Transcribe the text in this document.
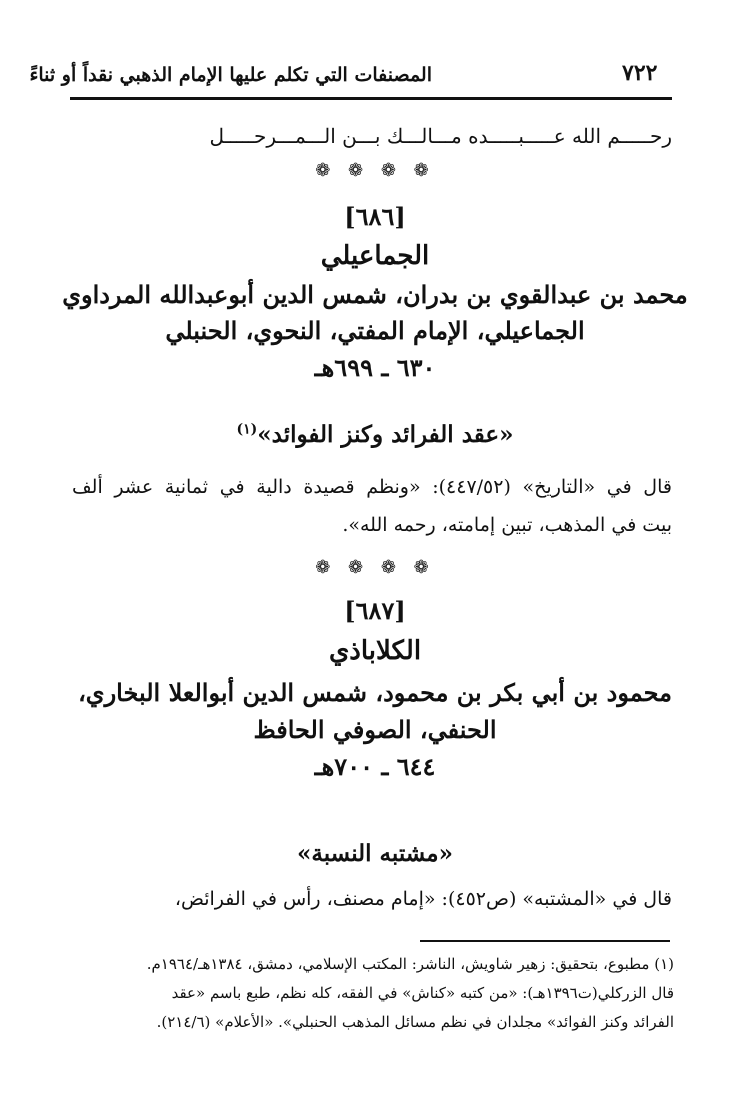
٧٢٢
المصنفات التي تكلم عليها الإمام الذهبي نقداً أو ثناءً
رحـــــم الله عـــــبـــــده مـــالـــك بـــن الـــمـــرحـــــل
❁ ❁ ❁ ❁
[٦٨٦]
الجماعيلي
محمد بن عبدالقوي بن بدران، شمس الدين أبوعبدالله المرداوي
الجماعيلي، الإمام المفتي، النحوي، الحنبلي
٦٣٠ ـ ٦٩٩هـ
«عقد الفرائد وكنز الفوائد»$^{(١)}$
قال في «التاريخ» (٤٤٧/٥٢): «ونظم قصيدة دالية في ثمانية عشر ألف
بيت في المذهب، تبين إمامته، رحمه الله».
❁ ❁ ❁ ❁
[٦٨٧]
الكلاباذي
محمود بن أبي بكر بن محمود، شمس الدين أبوالعلا البخاري،
الحنفي، الصوفي الحافظ
٦٤٤ ـ ٧٠٠هـ
«مشتبه النسبة»
قال في «المشتبه» (ص٤٥٢): «إمام مصنف، رأس في الفرائض،
(١) مطبوع، بتحقيق: زهير شاويش، الناشر: المكتب الإسلامي، دمشق، ١٣٨٤هـ/١٩٦٤م.
قال الزركلي(ت١٣٩٦هـ): «من كتبه «كناش» في الفقه، كله نظم، طبع باسم «عقد
الفرائد وكنز الفوائد» مجلدان في نظم مسائل المذهب الحنبلي». «الأعلام» (٢١٤/٦).
